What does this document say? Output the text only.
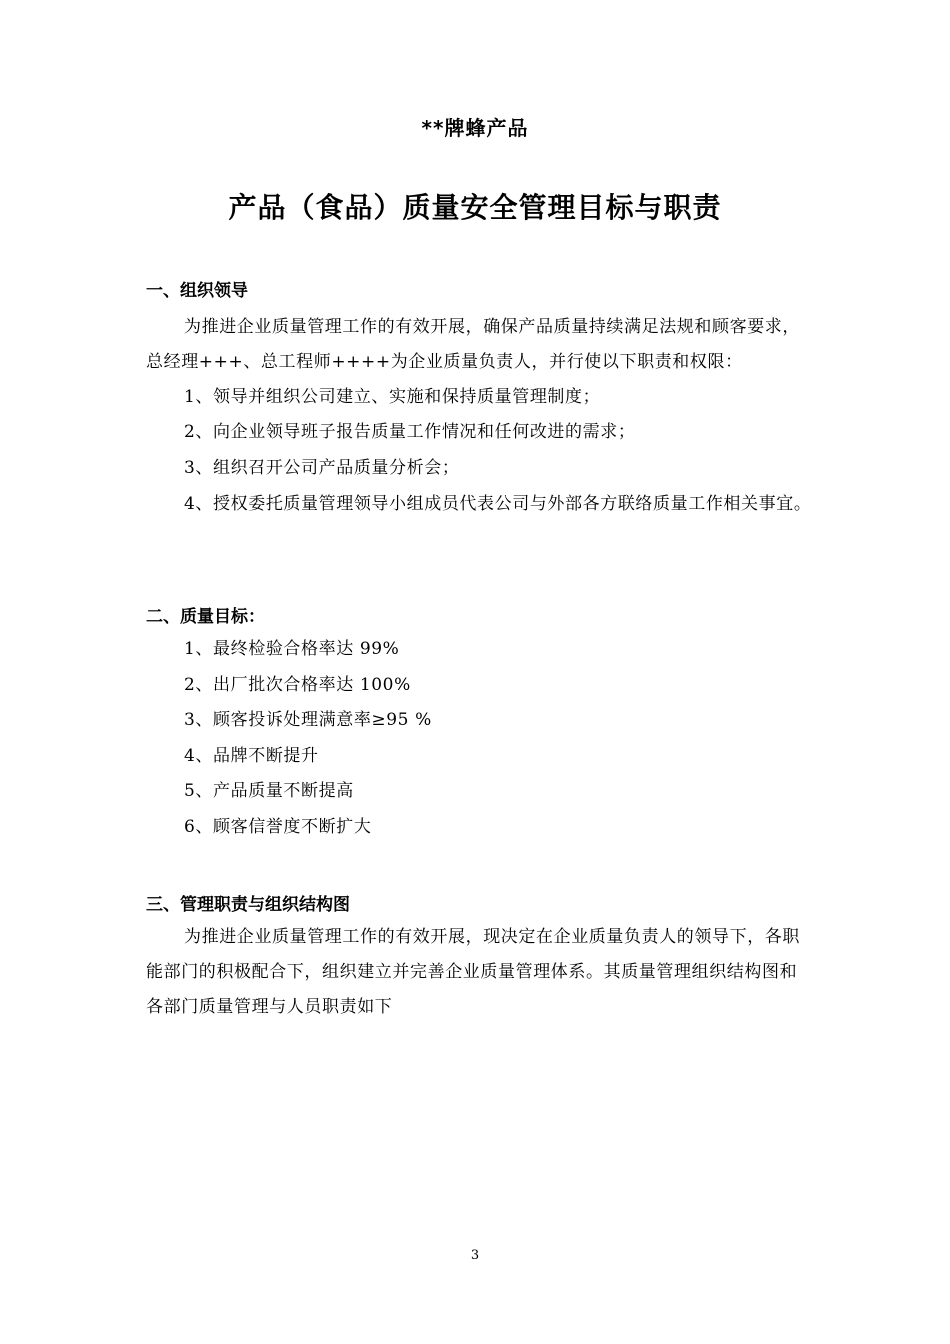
**牌蜂产品
产品（食品）质量安全管理目标与职责
一、组织领导
为推进企业质量管理工作的有效开展，确保产品质量持续满足法规和顾客要求，总经理+++、总工程师++++为企业质量负责人，并行使以下职责和权限：
1、领导并组织公司建立、实施和保持质量管理制度；
2、向企业领导班子报告质量工作情况和任何改进的需求；
3、组织召开公司产品质量分析会；
4、授权委托质量管理领导小组成员代表公司与外部各方联络质量工作相关事宜。
二、质量目标：
1、最终检验合格率达 99%
2、出厂批次合格率达 100%
3、顾客投诉处理满意率≥95 %
4、品牌不断提升
5、产品质量不断提高
6、顾客信誉度不断扩大
三、管理职责与组织结构图
为推进企业质量管理工作的有效开展，现决定在企业质量负责人的领导下，各职能部门的积极配合下，组织建立并完善企业质量管理体系。其质量管理组织结构图和各部门质量管理与人员职责如下
3
